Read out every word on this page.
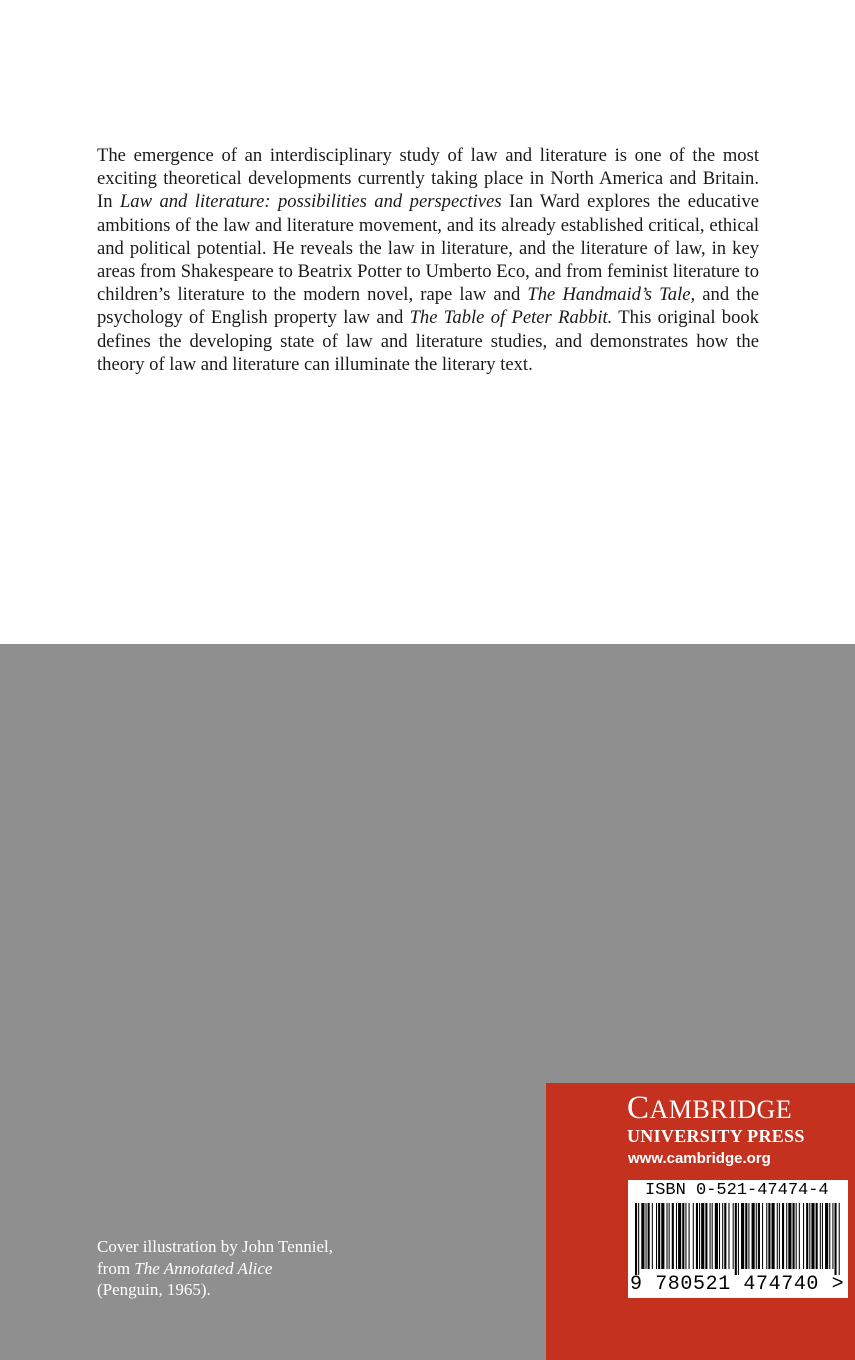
The emergence of an interdisciplinary study of law and literature is one of the most exciting theoretical developments currently taking place in North America and Britain. In Law and literature: possibilities and perspectives Ian Ward explores the educative ambitions of the law and literature movement, and its already established critical, ethical and political potential. He reveals the law in literature, and the literature of law, in key areas from Shakespeare to Beatrix Potter to Umberto Eco, and from feminist literature to children’s literature to the modern novel, rape law and The Handmaid’s Tale, and the psychology of English property law and The Table of Peter Rabbit. This original book defines the developing state of law and literature studies, and demonstrates how the theory of law and literature can illuminate the literary text.

Cover illustration by John Tenniel,
from The Annotated Alice
(Penguin, 1965).
CAMBRIDGE
UNIVERSITY PRESS
www.cambridge.org
ISBN 0-521-47474-4
9 780521 474740 >
